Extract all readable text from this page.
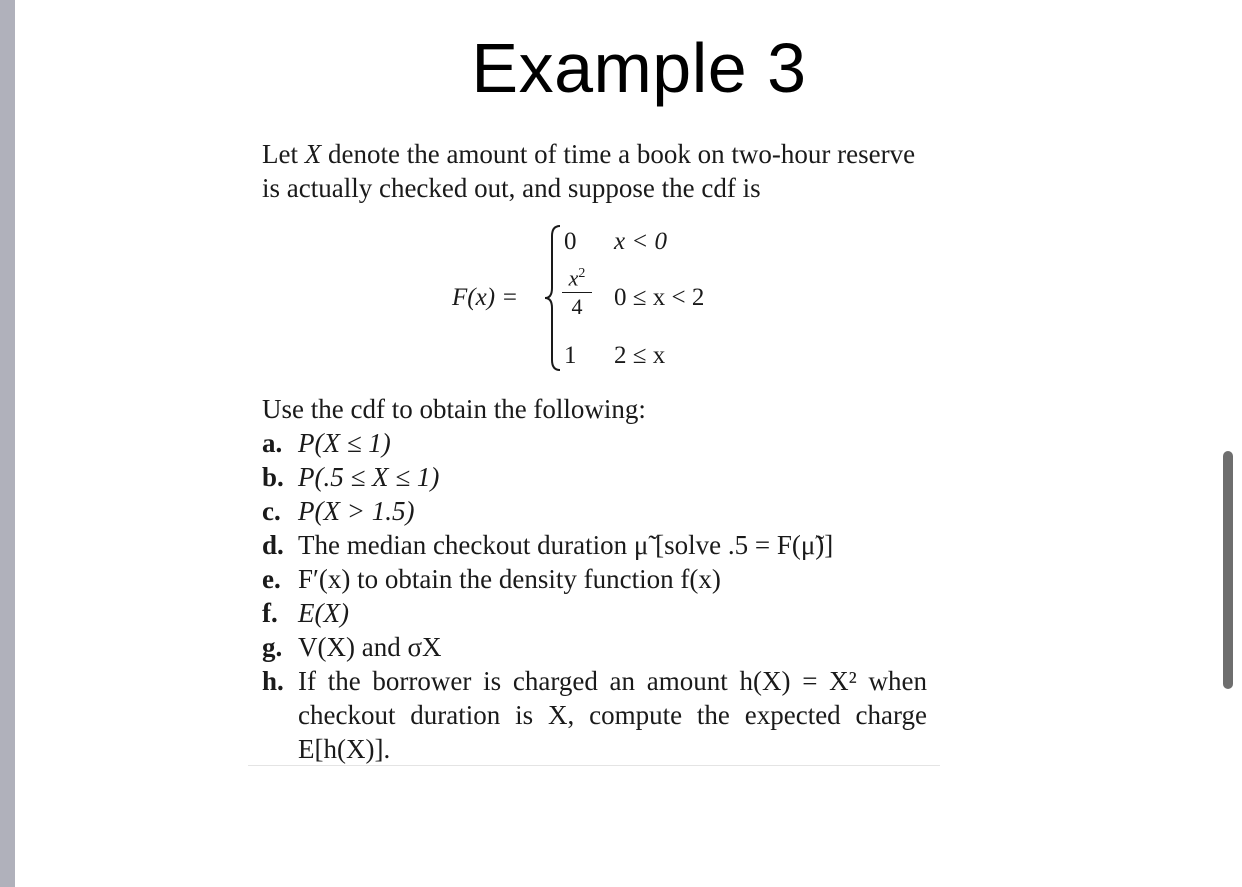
Example 3
Let X denote the amount of time a book on two-hour reserve is actually checked out, and suppose the cdf is
F(x) =
0 x < 0
$x^2$
4	0 ≤ x < 2
1 2 ≤ x
Use the cdf to obtain the following:
a. P(X ≤ 1)
b. P(.5 ≤ X ≤ 1)
c. P(X > 1.5)
d. The median checkout duration μ̃ [solve .5 = F(μ̃)]
e. F′(x) to obtain the density function f(x)
f. E(X)
g. V(X) and σX
h. If the borrower is charged an amount h(X) = X² when checkout duration is X, compute the expected charge E[h(X)].
